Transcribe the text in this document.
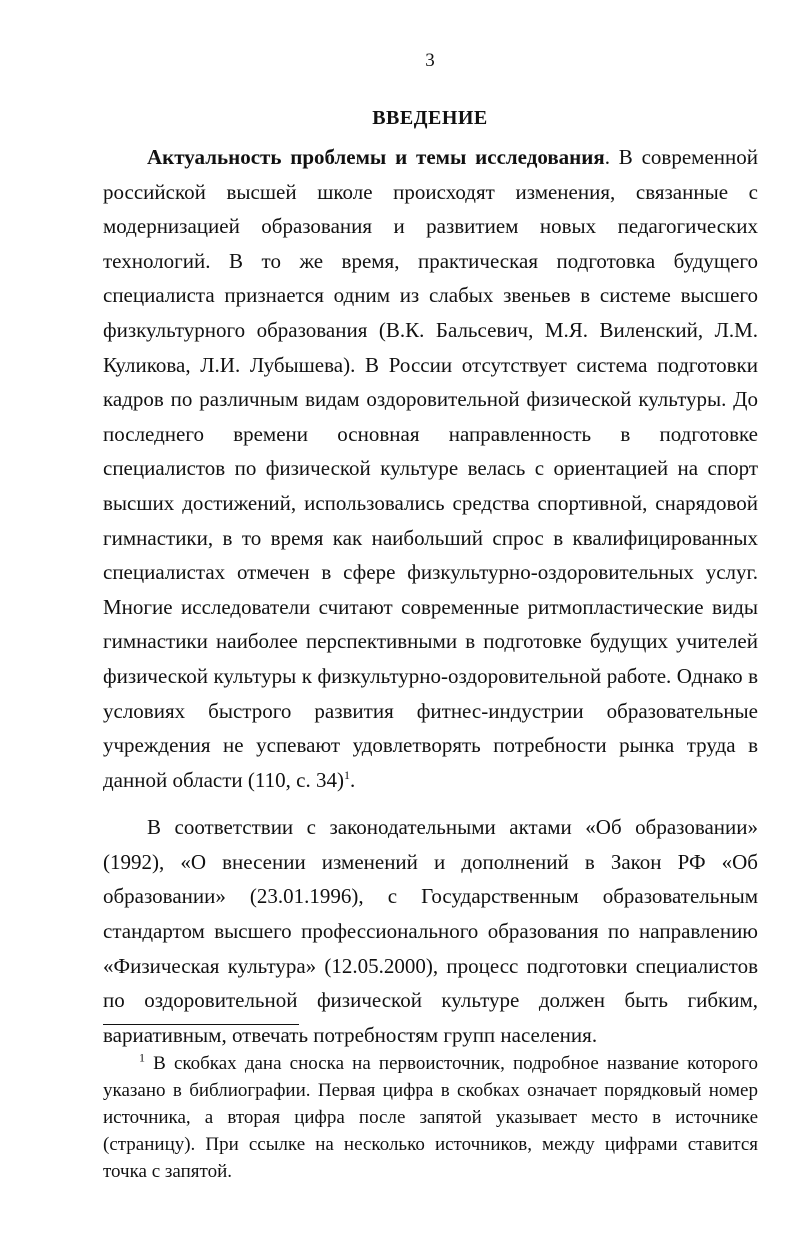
3
ВВЕДЕНИЕ

Актуальность проблемы и темы исследования. В современной российской высшей школе происходят изменения, связанные с модернизацией образования и развитием новых педагогических технологий. В то же время, практическая подготовка будущего специалиста признается одним из слабых звеньев в системе высшего физкультурного образования (В.К. Бальсевич, М.Я. Виленский, Л.М. Куликова, Л.И. Лубышева). В России отсутствует система подготовки кадров по различным видам оздоровительной физической культуры. До последнего времени основная направленность в подготовке специалистов по физической культуре велась с ориентацией на спорт высших достижений, использовались средства спортивной, снарядовой гимнастики, в то время как наибольший спрос в квалифицированных специалистах отмечен в сфере физкультурно-оздоровительных услуг. Многие исследователи считают современные ритмопластические виды гимнастики наиболее перспективными в подготовке будущих учителей физической культуры к физкультурно-оздоровительной работе. Однако в условиях быстрого развития фитнес-индустрии образовательные учреждения не успевают удовлетворять потребности рынка труда в данной области (110, с. 34)$^1$.

В соответствии с законодательными актами «Об образовании» (1992), «О внесении изменений и дополнений в Закон РФ «Об образовании» (23.01.1996), с Государственным образовательным стандартом высшего профессионального образования по направлению «Физическая культура» (12.05.2000), процесс подготовки специалистов по оздоровительной физической культуре должен быть гибким, вариативным, отвечать потребностям групп населения.

$^1$ В скобках дана сноска на первоисточник, подробное название которого указано в библиографии. Первая цифра в скобках означает порядковый номер источника, а вторая цифра после запятой указывает место в источнике (страницу). При ссылке на несколько источников, между цифрами ставится точка с запятой.
